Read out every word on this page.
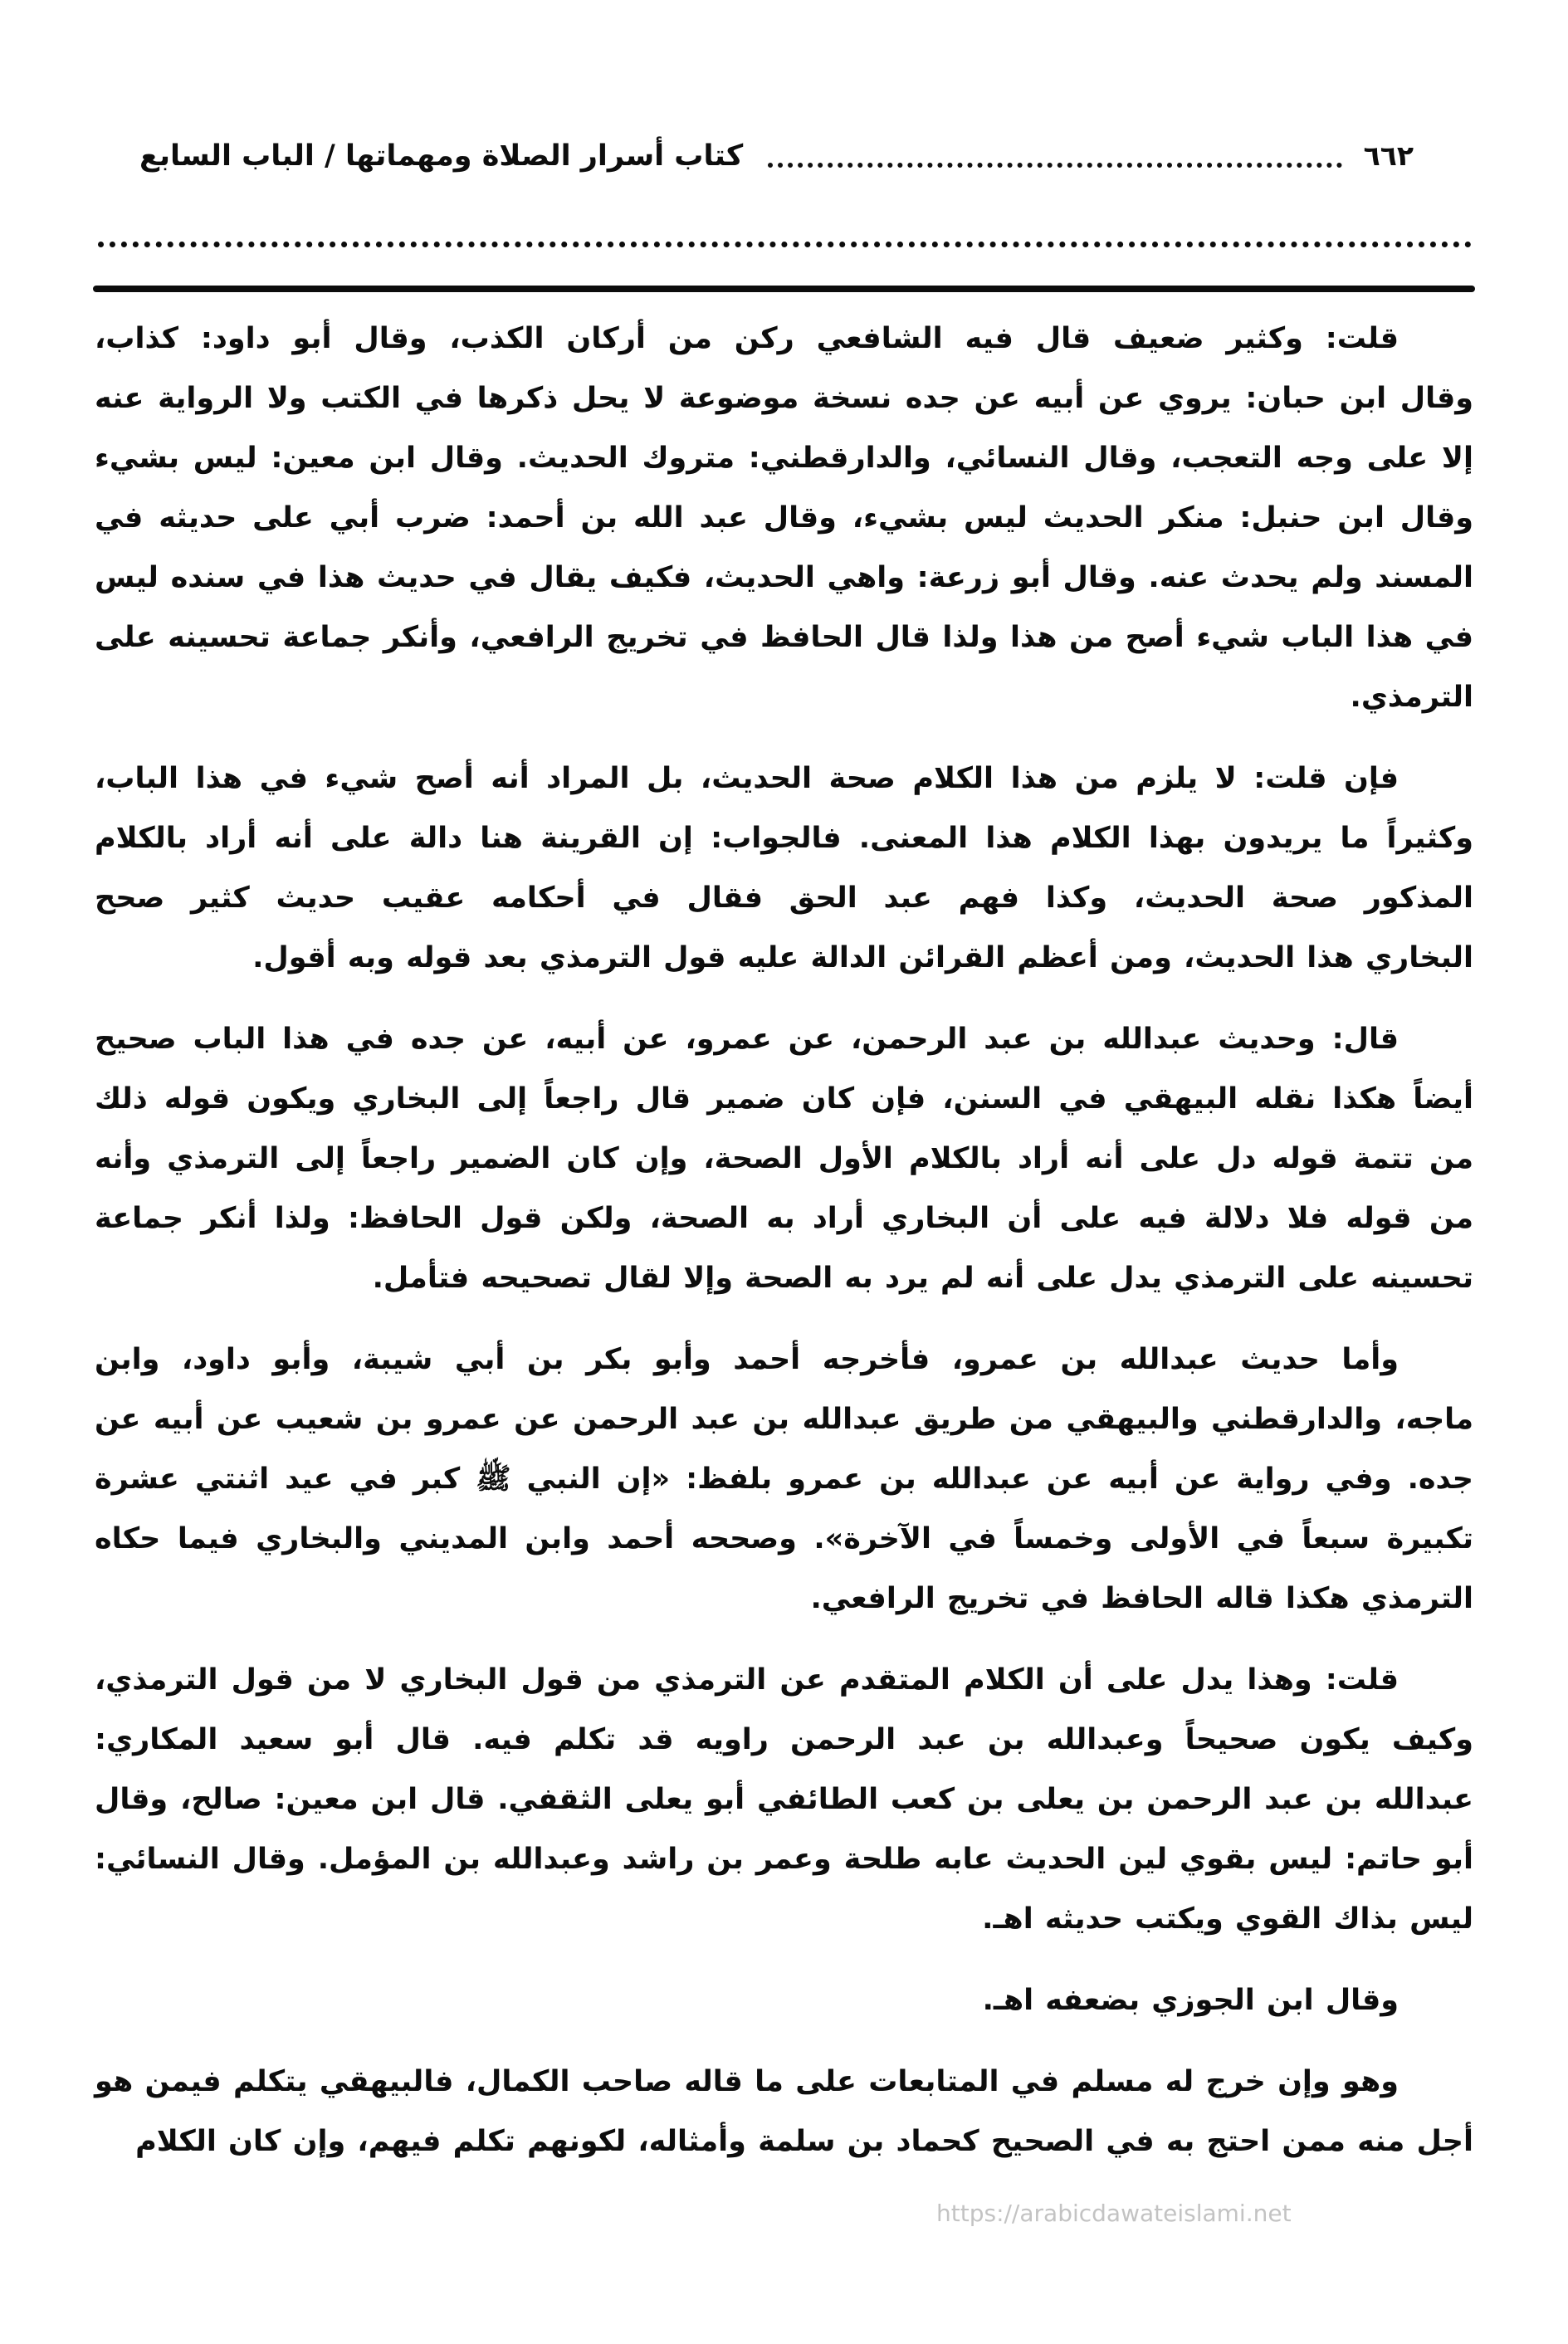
٦٦٢
كتاب أسرار الصلاة ومهماتها / الباب السابع
قلت: وكثير ضعيف قال فيه الشافعي ركن من أركان الكذب، وقال أبو داود: كذاب،
وقال ابن حبان: يروي عن أبيه عن جده نسخة موضوعة لا يحل ذكرها في الكتب ولا الرواية عنه
إلا على وجه التعجب، وقال النسائي، والدارقطني: متروك الحديث. وقال ابن معين: ليس بشيء
وقال ابن حنبل: منكر الحديث ليس بشيء، وقال عبد الله بن أحمد: ضرب أبي على حديثه في
المسند ولم يحدث عنه. وقال أبو زرعة: واهي الحديث، فكيف يقال في حديث هذا في سنده ليس
في هذا الباب شيء أصح من هذا ولذا قال الحافظ في تخريج الرافعي، وأنكر جماعة تحسينه على
الترمذي.
فإن قلت: لا يلزم من هذا الكلام صحة الحديث، بل المراد أنه أصح شيء في هذا الباب،
وكثيراً ما يريدون بهذا الكلام هذا المعنى. فالجواب: إن القرينة هنا دالة على أنه أراد بالكلام
المذكور صحة الحديث، وكذا فهم عبد الحق فقال في أحكامه عقيب حديث كثير صحح
البخاري هذا الحديث، ومن أعظم القرائن الدالة عليه قول الترمذي بعد قوله وبه أقول.
قال: وحديث عبدالله بن عبد الرحمن، عن عمرو، عن أبيه، عن جده في هذا الباب صحيح
أيضاً هكذا نقله البيهقي في السنن، فإن كان ضمير قال راجعاً إلى البخاري ويكون قوله ذلك
من تتمة قوله دل على أنه أراد بالكلام الأول الصحة، وإن كان الضمير راجعاً إلى الترمذي وأنه
من قوله فلا دلالة فيه على أن البخاري أراد به الصحة، ولكن قول الحافظ: ولذا أنكر جماعة
تحسينه على الترمذي يدل على أنه لم يرد به الصحة وإلا لقال تصحيحه فتأمل.
وأما حديث عبدالله بن عمرو، فأخرجه أحمد وأبو بكر بن أبي شيبة، وأبو داود، وابن
ماجه، والدارقطني والبيهقي من طريق عبدالله بن عبد الرحمن عن عمرو بن شعيب عن أبيه عن
جده. وفي رواية عن أبيه عن عبدالله بن عمرو بلفظ: «إن النبي ﷺ كبر في عيد اثنتي عشرة
تكبيرة سبعاً في الأولى وخمساً في الآخرة». وصححه أحمد وابن المديني والبخاري فيما حكاه
الترمذي هكذا قاله الحافظ في تخريج الرافعي.
قلت: وهذا يدل على أن الكلام المتقدم عن الترمذي من قول البخاري لا من قول الترمذي،
وكيف يكون صحيحاً وعبدالله بن عبد الرحمن راويه قد تكلم فيه. قال أبو سعيد المكاري:
عبدالله بن عبد الرحمن بن يعلى بن كعب الطائفي أبو يعلى الثقفي. قال ابن معين: صالح، وقال
أبو حاتم: ليس بقوي لين الحديث عابه طلحة وعمر بن راشد وعبدالله بن المؤمل. وقال النسائي:
ليس بذاك القوي ويكتب حديثه اهـ.
وقال ابن الجوزي بضعفه اهـ.
وهو وإن خرج له مسلم في المتابعات على ما قاله صاحب الكمال، فالبيهقي يتكلم فيمن هو
أجل منه ممن احتج به في الصحيح كحماد بن سلمة وأمثاله، لكونهم تكلم فيهم، وإن كان الكلام
https://arabicdawateislami.net
